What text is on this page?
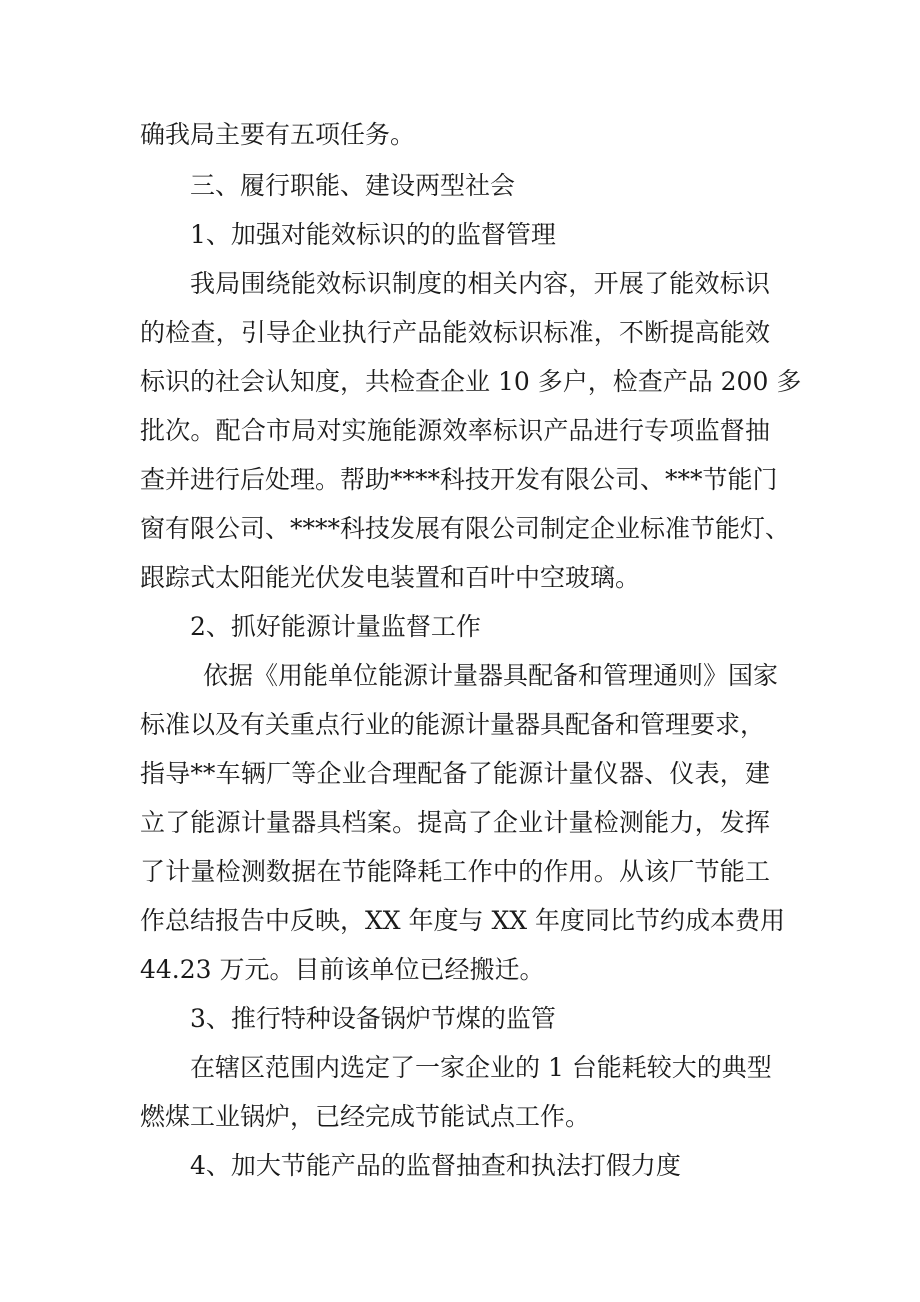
确我局主要有五项任务。

三、履行职能、建设两型社会

1、加强对能效标识的的监督管理

我局围绕能效标识制度的相关内容，开展了能效标识

的检查，引导企业执行产品能效标识标准，不断提高能效

标识的社会认知度，共检查企业 10 多户，检查产品 200 多

批次。配合市局对实施能源效率标识产品进行专项监督抽

查并进行后处理。帮助****科技开发有限公司、***节能门

窗有限公司、****科技发展有限公司制定企业标准节能灯、

跟踪式太阳能光伏发电装置和百叶中空玻璃。

2、抓好能源计量监督工作

依据《用能单位能源计量器具配备和管理通则》国家

标准以及有关重点行业的能源计量器具配备和管理要求，

指导**车辆厂等企业合理配备了能源计量仪器、仪表，建

立了能源计量器具档案。提高了企业计量检测能力，发挥

了计量检测数据在节能降耗工作中的作用。从该厂节能工

作总结报告中反映，XX 年度与 XX 年度同比节约成本费用

44.23 万元。目前该单位已经搬迁。

3、推行特种设备锅炉节煤的监管

在辖区范围内选定了一家企业的 1 台能耗较大的典型

燃煤工业锅炉，已经完成节能试点工作。

4、加大节能产品的监督抽查和执法打假力度
